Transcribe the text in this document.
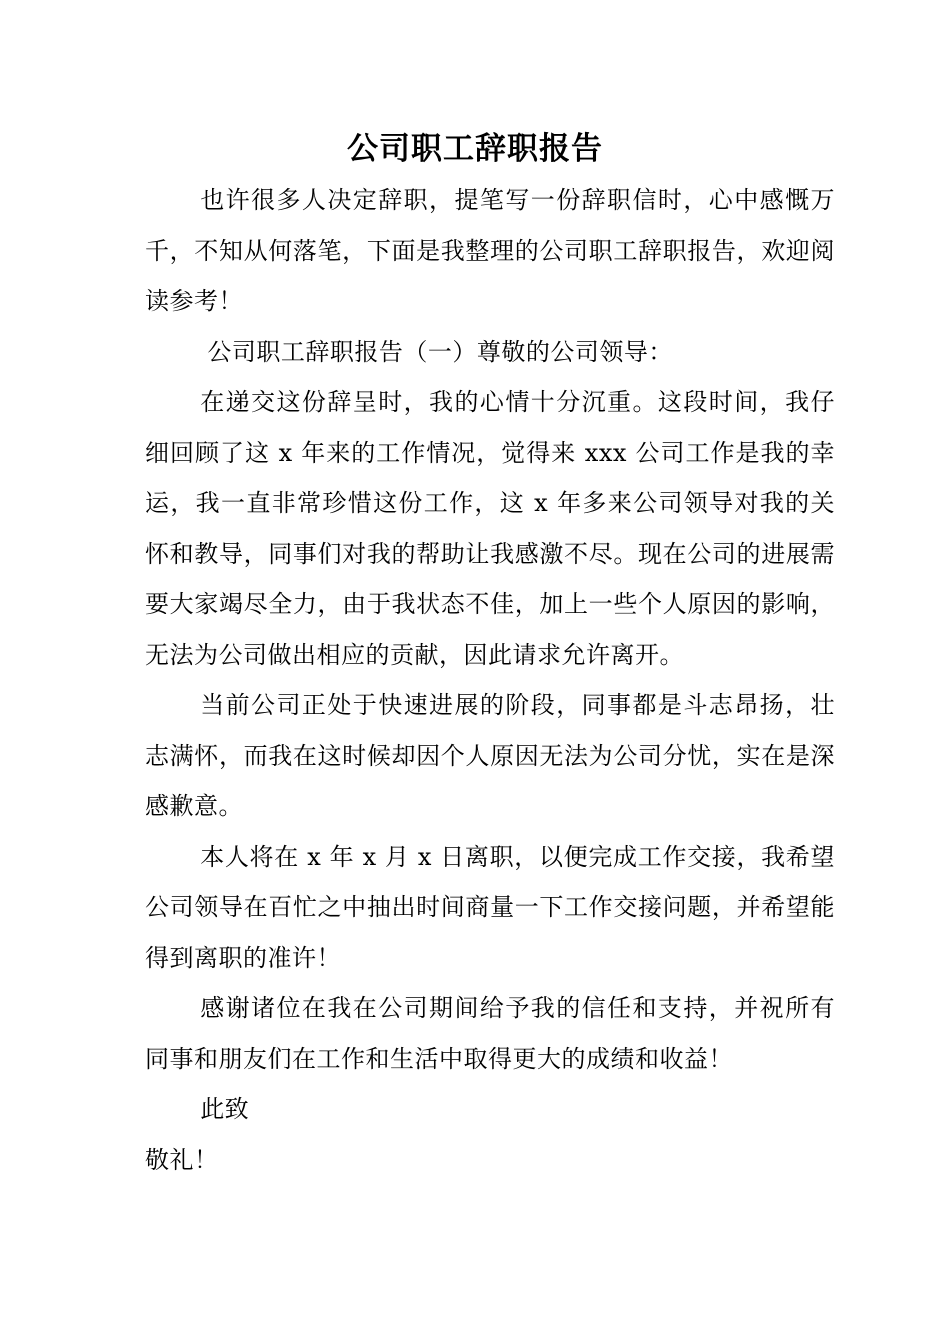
公司职工辞职报告

也许很多人决定辞职，提笔写一份辞职信时，心中感慨万千，不知从何落笔，下面是我整理的公司职工辞职报告，欢迎阅读参考！

公司职工辞职报告（一）尊敬的公司领导：

在递交这份辞呈时，我的心情十分沉重。这段时间，我仔细回顾了这 x 年来的工作情况，觉得来 xxx 公司工作是我的幸运，我一直非常珍惜这份工作，这 x 年多来公司领导对我的关怀和教导，同事们对我的帮助让我感激不尽。现在公司的进展需要大家竭尽全力，由于我状态不佳，加上一些个人原因的影响，无法为公司做出相应的贡献，因此请求允许离开。

当前公司正处于快速进展的阶段，同事都是斗志昂扬，壮志满怀，而我在这时候却因个人原因无法为公司分忧，实在是深感歉意。

本人将在 x 年 x 月 x 日离职，以便完成工作交接，我希望公司领导在百忙之中抽出时间商量一下工作交接问题，并希望能得到离职的准许！

感谢诸位在我在公司期间给予我的信任和支持，并祝所有同事和朋友们在工作和生活中取得更大的成绩和收益！

此致

敬礼！
